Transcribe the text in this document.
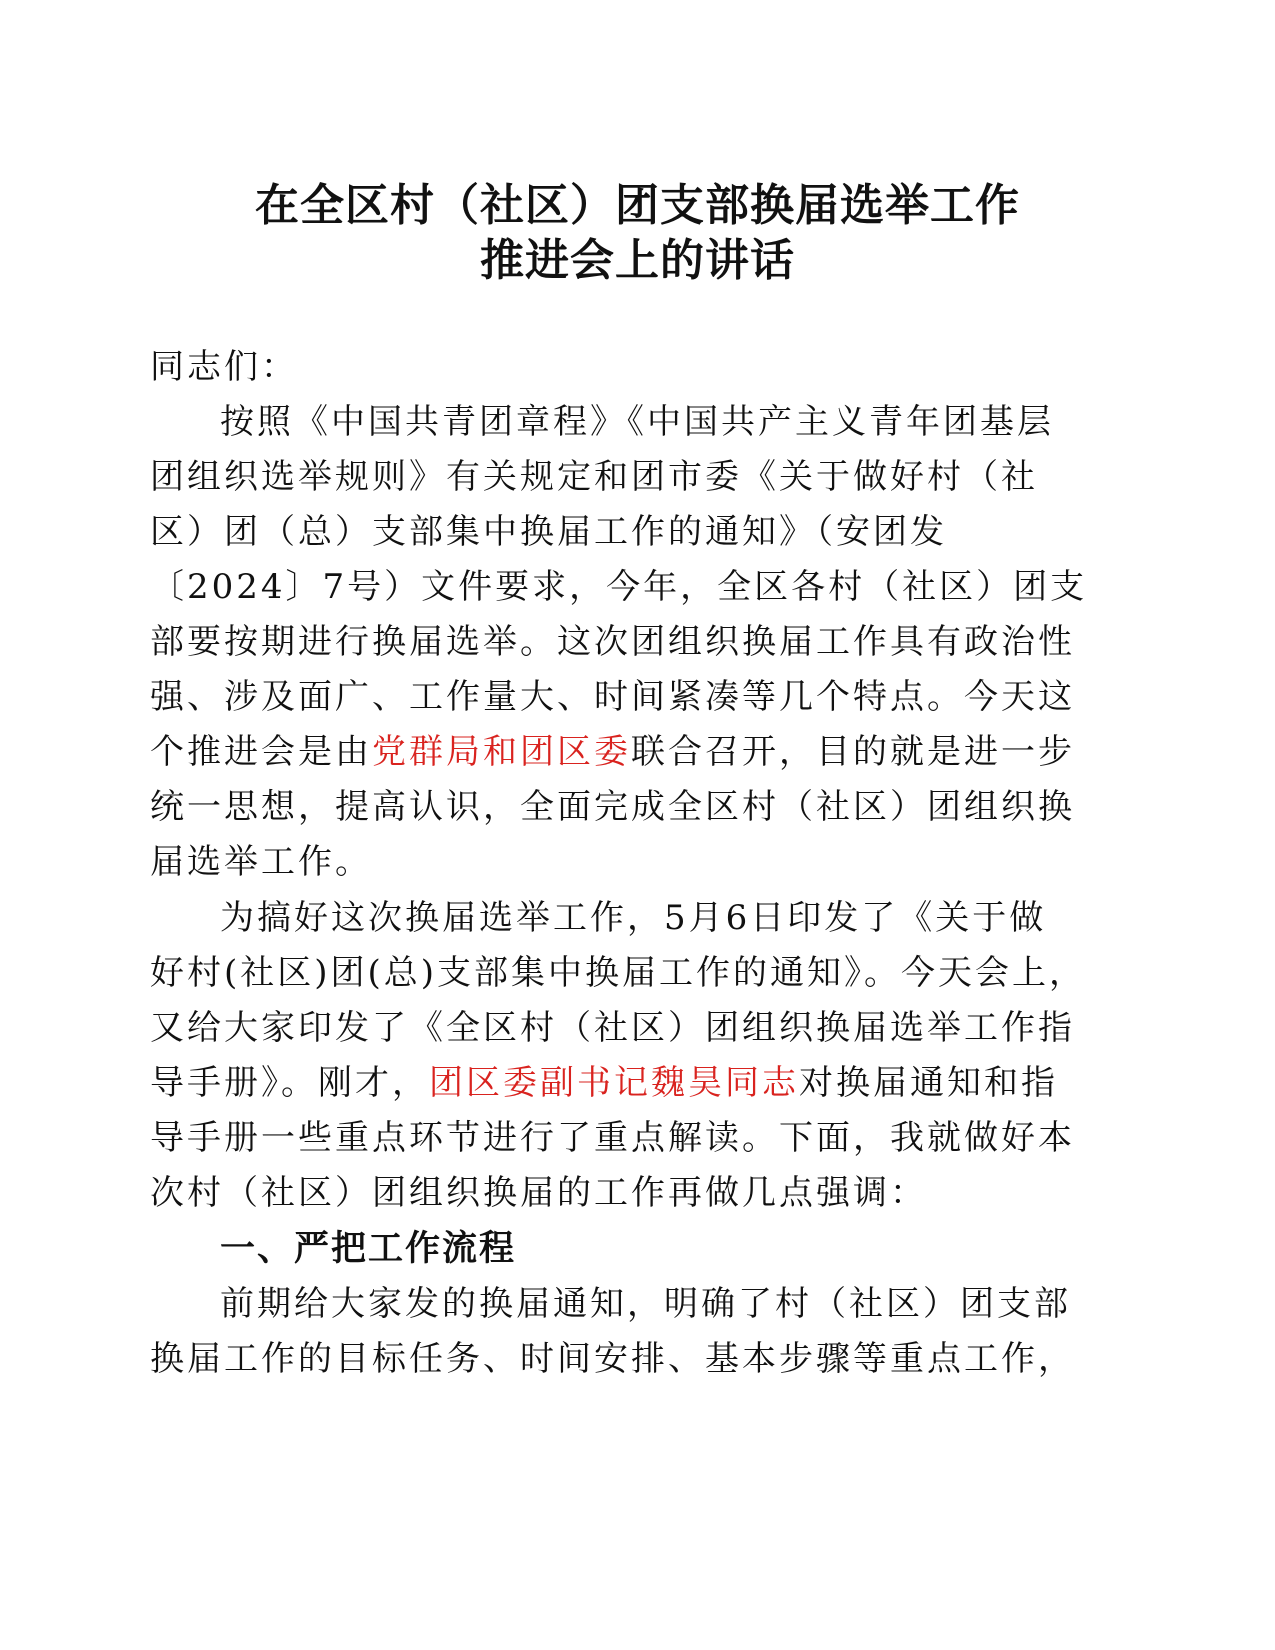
在全区村（社区）团支部换届选举工作
推进会上的讲话
同志们：
按照《中国共青团章程》《中国共产主义青年团基层
团组织选举规则》有关规定和团市委《关于做好村（社
区）团（总）支部集中换届工作的通知》（安团发
〔2024〕7号）文件要求，今年，全区各村（社区）团支
部要按期进行换届选举。这次团组织换届工作具有政治性
强、涉及面广、工作量大、时间紧凑等几个特点。今天这
个推进会是由党群局和团区委联合召开，目的就是进一步
统一思想，提高认识，全面完成全区村（社区）团组织换
届选举工作。
为搞好这次换届选举工作，5月6日印发了《关于做
好村(社区)团(总)支部集中换届工作的通知》。今天会上，
又给大家印发了《全区村（社区）团组织换届选举工作指
导手册》。刚才，团区委副书记魏昊同志对换届通知和指
导手册一些重点环节进行了重点解读。下面，我就做好本
次村（社区）团组织换届的工作再做几点强调：
一、严把工作流程
前期给大家发的换届通知，明确了村（社区）团支部
换届工作的目标任务、时间安排、基本步骤等重点工作，
